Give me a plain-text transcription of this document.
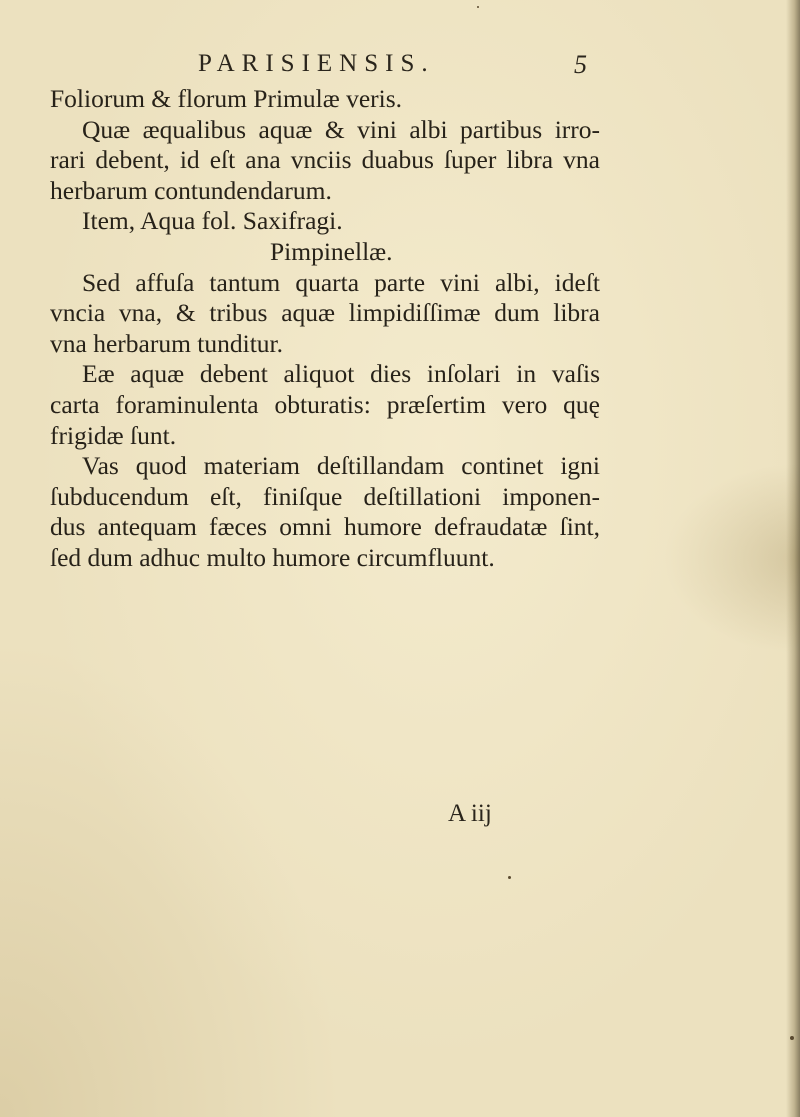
PARISIENSIS.	5
Foliorum & florum Primulæ veris.
Quæ æqualibus aquæ & vini albi partibus irro-
rari debent, id eſt ana vnciis duabus ſuper libra vna
herbarum contundendarum.
Item, Aqua fol. Saxifragi.
Pimpinellæ.
Sed affuſa tantum quarta parte vini albi, ideſt
vncia vna, & tribus aquæ limpidiſſimæ dum libra
vna herbarum tunditur.
Eæ aquæ debent aliquot dies inſolari in vaſis
carta foraminulenta obturatis: præſertim vero quę
frigidæ ſunt.
Vas quod materiam deſtillandam continet igni
ſubducendum eſt, finiſque deſtillationi imponen-
dus antequam fæces omni humore defraudatæ ſint,
ſed dum adhuc multo humore circumfluunt.
A iij
